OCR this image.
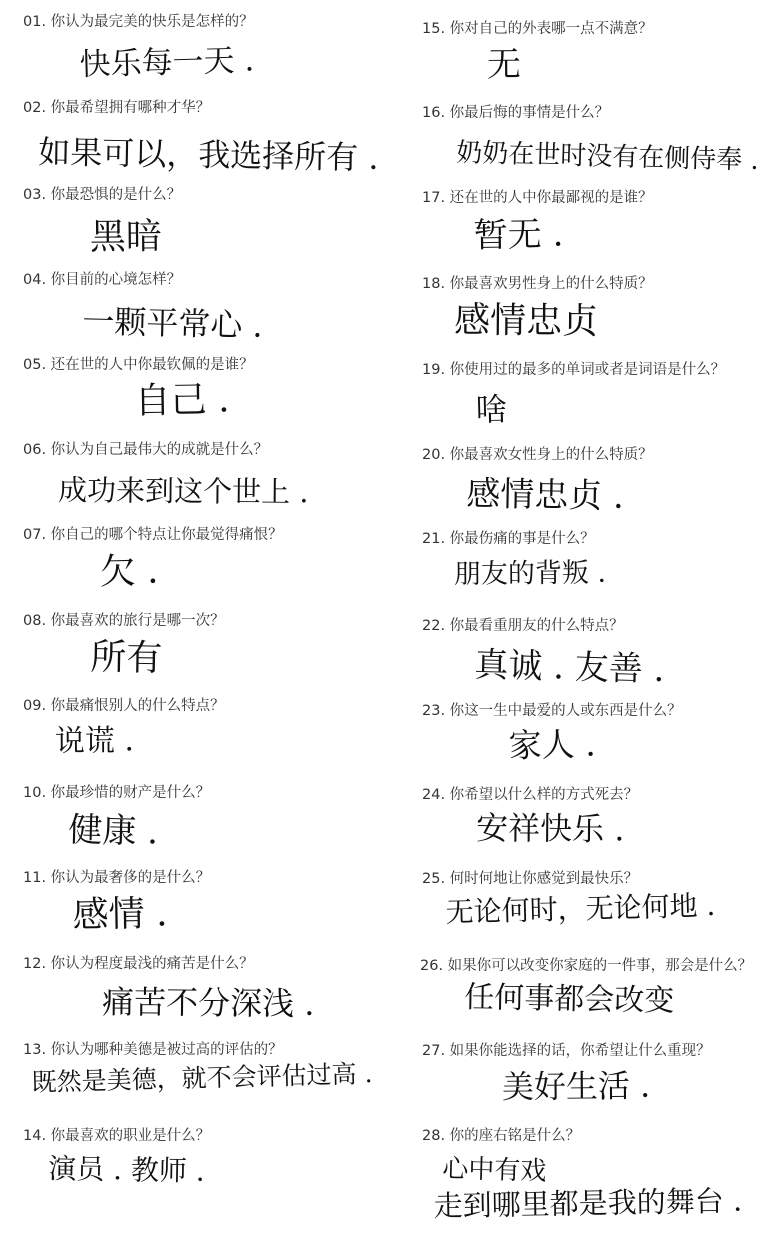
01. 你认为最完美的快乐是怎样的？
快乐每一天 .
02. 你最希望拥有哪种才华？
如果可以，我选择所有 .
03. 你最恐惧的是什么？
黑暗
04. 你目前的心境怎样？
一颗平常心 .
05. 还在世的人中你最钦佩的是谁？
自己 .
06. 你认为自己最伟大的成就是什么？
成功来到这个世上 .
07. 你自己的哪个特点让你最觉得痛恨？
欠 .
08. 你最喜欢的旅行是哪一次？
所有
09. 你最痛恨别人的什么特点？
说谎 .
10. 你最珍惜的财产是什么？
健康 .
11. 你认为最奢侈的是什么？
感情 .
12. 你认为程度最浅的痛苦是什么？
痛苦不分深浅 .
13. 你认为哪种美德是被过高的评估的？
既然是美德，就不会评估过高 .
14. 你最喜欢的职业是什么？
演员 . 教师 .
15. 你对自己的外表哪一点不满意？
无
16. 你最后悔的事情是什么？
奶奶在世时没有在侧侍奉 .
17. 还在世的人中你最鄙视的是谁？
暂无 .
18. 你最喜欢男性身上的什么特质？
感情忠贞
19. 你使用过的最多的单词或者是词语是什么？
啥
20. 你最喜欢女性身上的什么特质？
感情忠贞 .
21. 你最伤痛的事是什么？
朋友的背叛 .
22. 你最看重朋友的什么特点？
真诚 . 友善 .
23. 你这一生中最爱的人或东西是什么？
家人 .
24. 你希望以什么样的方式死去？
安祥快乐 .
25. 何时何地让你感觉到最快乐？
无论何时，无论何地 .
26. 如果你可以改变你家庭的一件事，那会是什么？
任何事都会改变
27. 如果你能选择的话，你希望让什么重现？
美好生活 .
28. 你的座右铭是什么？
心中有戏
走到哪里都是我的舞台 .
